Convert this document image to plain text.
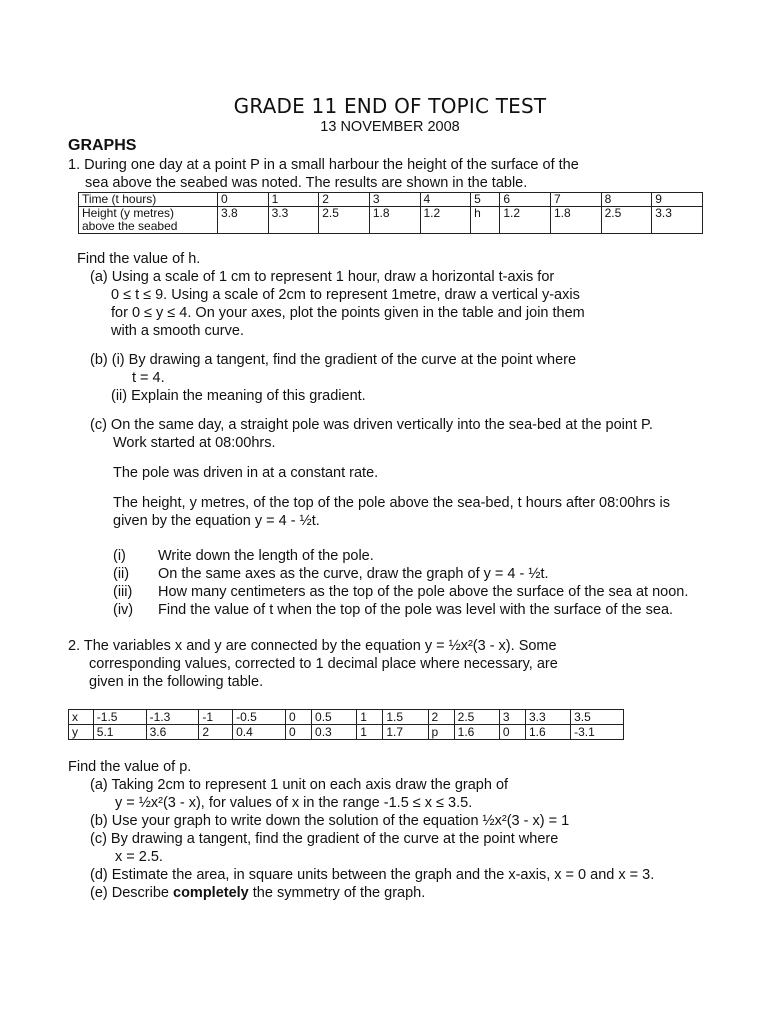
GRADE 11 END OF TOPIC TEST
13 NOVEMBER 2008
GRAPHS
1. During one day at a point P in a small harbour the height of the surface of the
sea above the seabed was noted. The results are shown in the table.
Time (t hours)	0	1	2	3	4	5	6	7	8	9
Height (y metres)
above the seabed	3.8	3.3	2.5	1.8	1.2	h	1.2	1.8	2.5	3.3
Find the value of h.
(a) Using a scale of 1 cm to represent 1 hour, draw a horizontal t-axis for
0 ≤ t ≤ 9. Using a scale of 2cm to represent 1metre, draw a vertical y-axis
for 0 ≤ y ≤ 4. On your axes, plot the points given in the table and join them
with a smooth curve.
(b) (i) By drawing a tangent, find the gradient of the curve at the point where
t = 4.
(ii) Explain the meaning of this gradient.
(c) On the same day, a straight pole was driven vertically into the sea-bed at the point P.
Work started at 08:00hrs.
The pole was driven in at a constant rate.
The height, y metres, of the top of the pole above the sea-bed, t hours after 08:00hrs is
given by the equation y = 4 - ½t.
(i) Write down the length of the pole.
(ii) On the same axes as the curve, draw the graph of y = 4 - ½t.
(iii) How many centimeters as the top of the pole above the surface of the sea at noon.
(iv) Find the value of t when the top of the pole was level with the surface of the sea.
2. The variables x and y are connected by the equation y = ½x²(3 - x). Some
corresponding values, corrected to 1 decimal place where necessary, are
given in the following table.
x	-1.5	-1.3	-1	-0.5	0	0.5	1	1.5	2	2.5	3	3.3	3.5
y	5.1	3.6	2	0.4	0	0.3	1	1.7	p	1.6	0	1.6	-3.1
Find the value of p.
(a) Taking 2cm to represent 1 unit on each axis draw the graph of
y = ½x²(3 - x), for values of x in the range -1.5 ≤ x ≤ 3.5.
(b) Use your graph to write down the solution of the equation ½x²(3 - x) = 1
(c) By drawing a tangent, find the gradient of the curve at the point where
x = 2.5.
(d) Estimate the area, in square units between the graph and the x-axis, x = 0 and x = 3.
(e) Describe completely the symmetry of the graph.
